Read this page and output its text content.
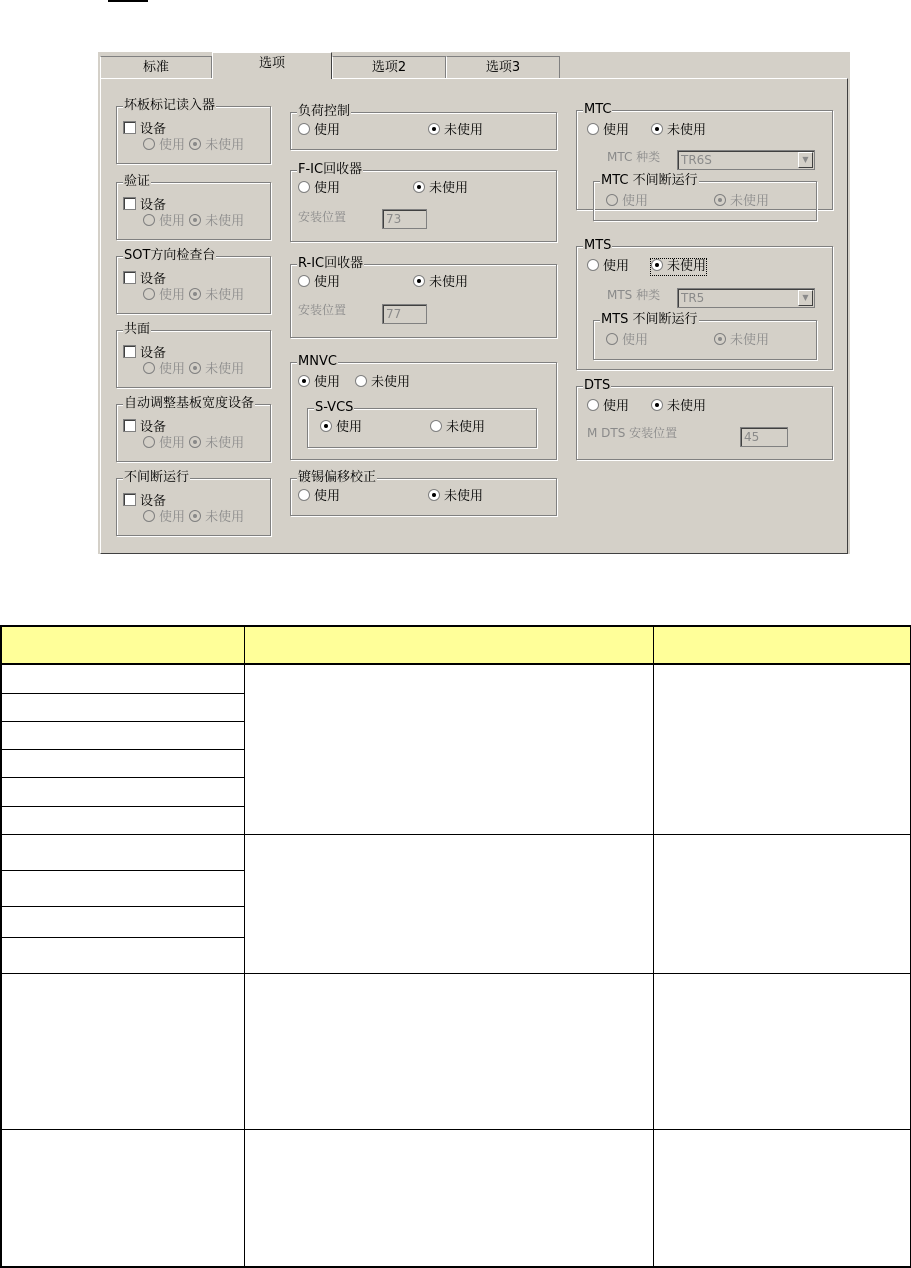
标准	选项	选项2	选项3
坏板标记读入器
设备
使用 未使用
验证
设备
使用 未使用
SOT方向检查台
设备
使用 未使用
共面
设备
使用 未使用
自动调整基板宽度设备
设备
使用 未使用
不间断运行
设备
使用 未使用
负荷控制
使用	未使用
F-IC回收器
使用	未使用
安装位置	73
R-IC回收器
使用	未使用
安装位置	77
MNVC
使用	未使用
S-VCS
使用	未使用
镀锡偏移校正
使用	未使用
MTC
使用	未使用
MTC 种类	TR6S	▼
MTC 不间断运行
使用	未使用
MTS
使用	未使用
MTS 种类	TR5	▼
MTS 不间断运行
使用	未使用
DTS
使用	未使用
M DTS 安装位置	45
